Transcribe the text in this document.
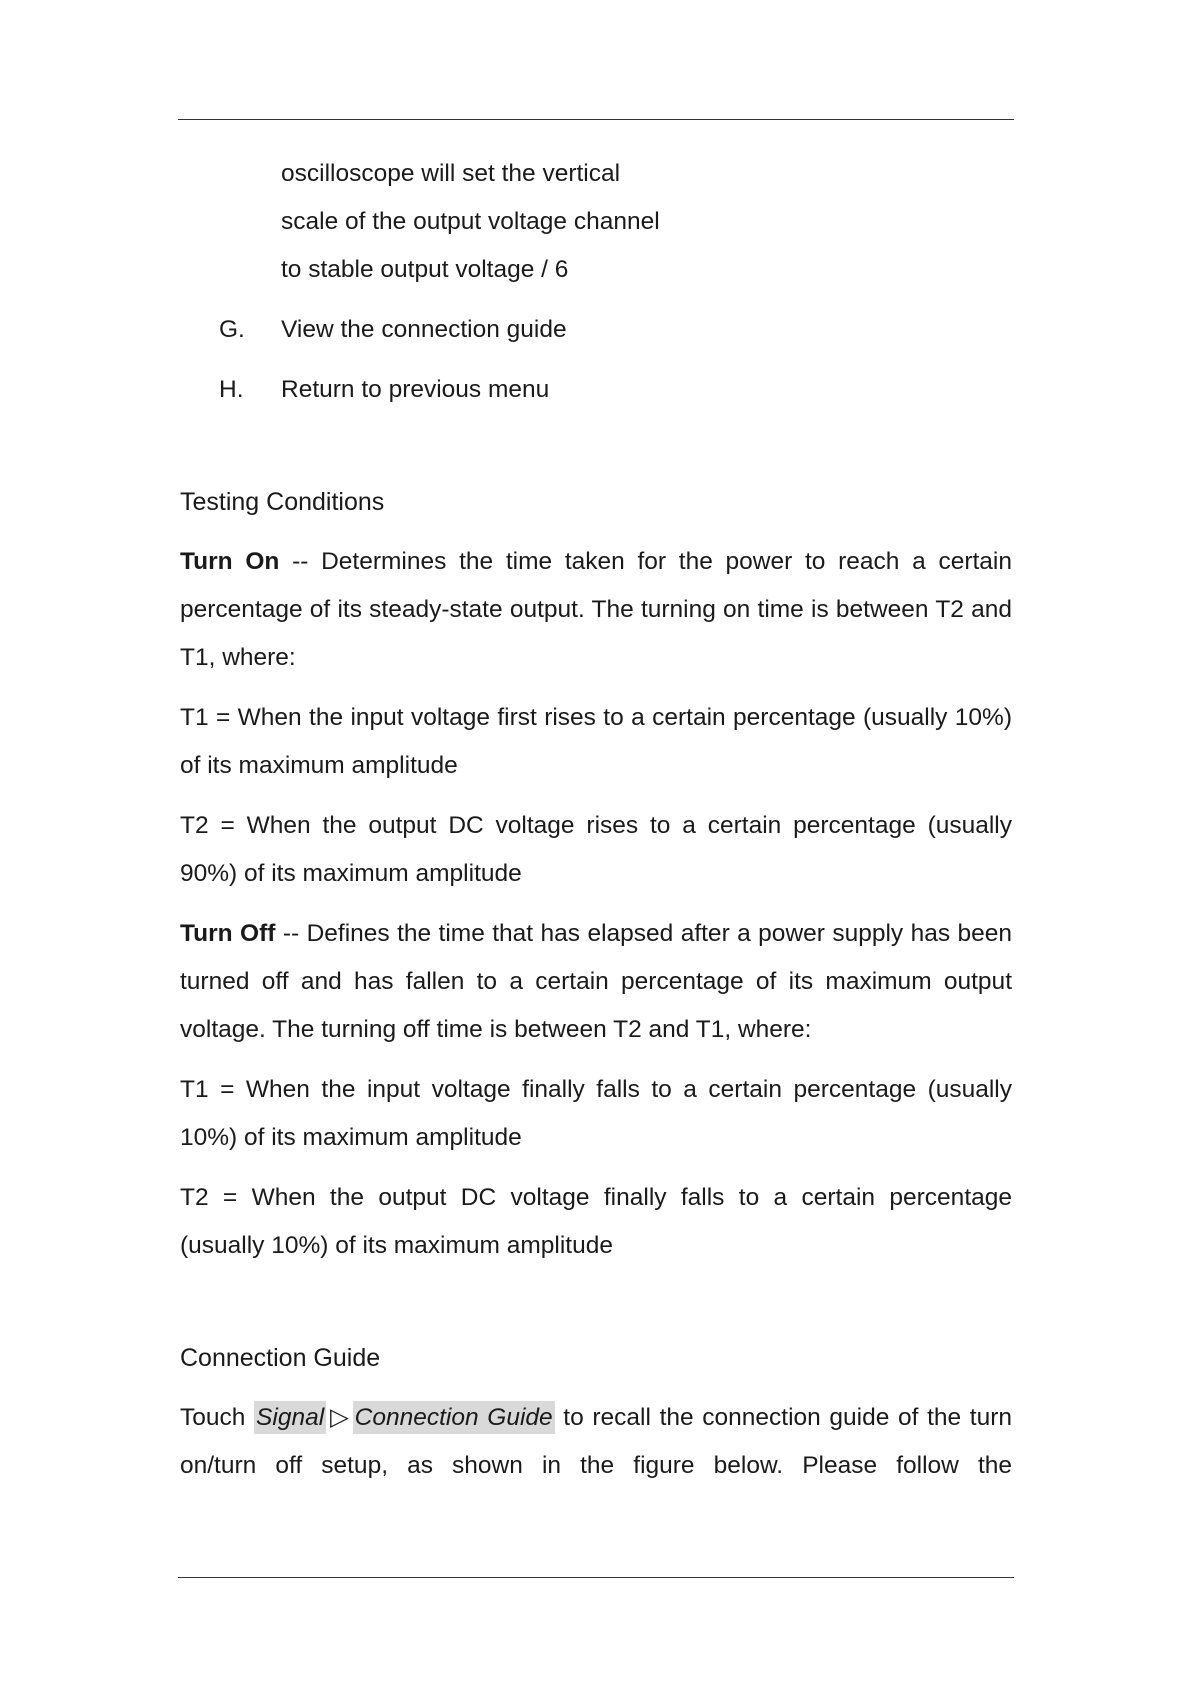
oscilloscope will set the vertical
scale of the output voltage channel
to stable output voltage / 6
G. View the connection guide
H. Return to previous menu
Testing Conditions

Turn On -- Determines the time taken for the power to reach a certain percentage of its steady-state output. The turning on time is between T2 and T1, where:

T1 = When the input voltage first rises to a certain percentage (usually 10%) of its maximum amplitude

T2 = When the output DC voltage rises to a certain percentage (usually 90%) of its maximum amplitude

Turn Off -- Defines the time that has elapsed after a power supply has been turned off and has fallen to a certain percentage of its maximum output voltage. The turning off time is between T2 and T1, where:

T1 = When the input voltage finally falls to a certain percentage (usually 10%) of its maximum amplitude

T2 = When the output DC voltage finally falls to a certain percentage (usually 10%) of its maximum amplitude

Connection Guide

Touch Signal ▷ Connection Guide to recall the connection guide of the turn on/turn off setup, as shown in the figure below. Please follow the
